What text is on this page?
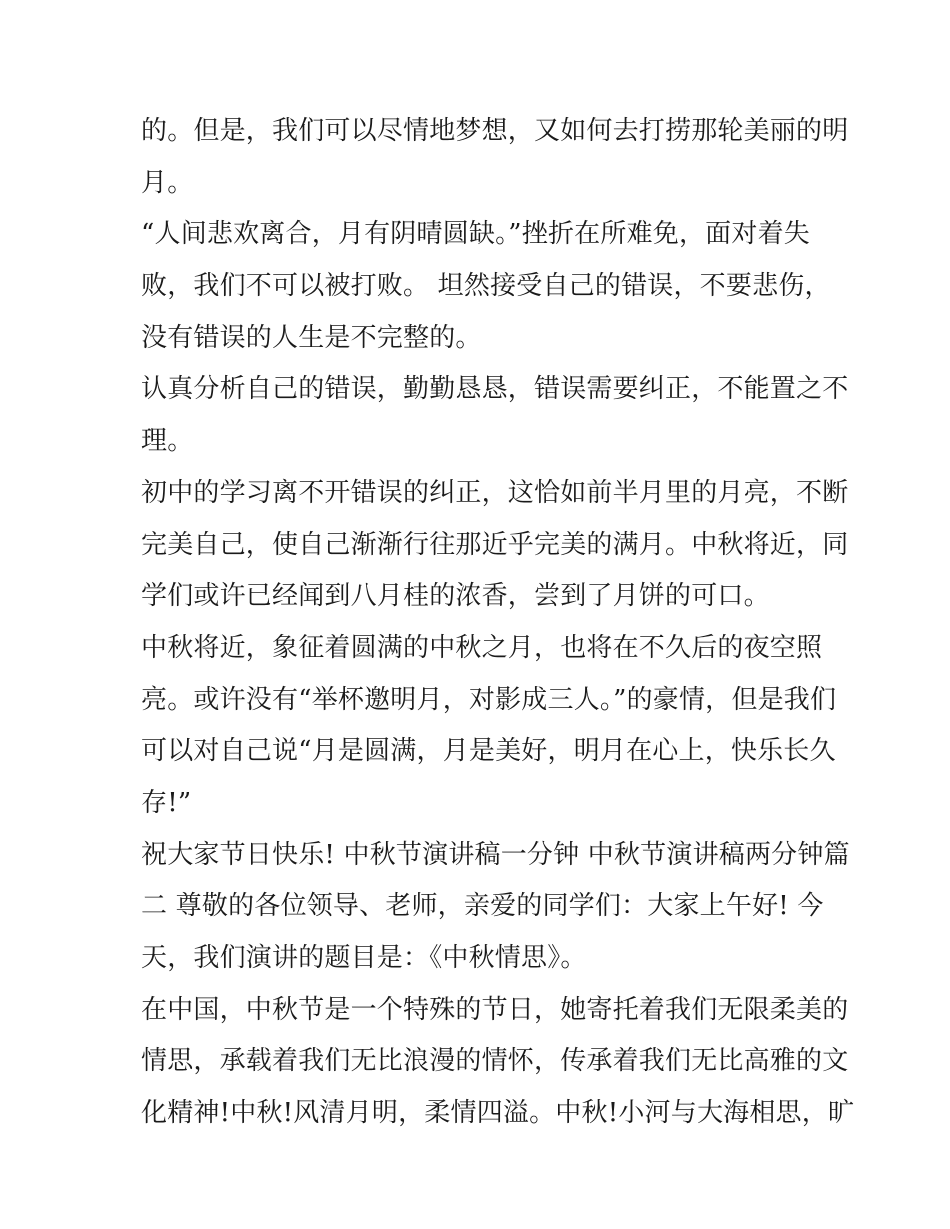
的。但是，我们可以尽情地梦想，又如何去打捞那轮美丽的明
月。
“人间悲欢离合，月有阴晴圆缺。”挫折在所难免，面对着失
败，我们不可以被打败。 坦然接受自己的错误，不要悲伤，
没有错误的人生是不完整的。
认真分析自己的错误，勤勤恳恳，错误需要纠正，不能置之不
理。
初中的学习离不开错误的纠正，这恰如前半月里的月亮，不断
完美自己，使自己渐渐行往那近乎完美的满月。中秋将近，同
学们或许已经闻到八月桂的浓香，尝到了月饼的可口。
中秋将近，象征着圆满的中秋之月，也将在不久后的夜空照
亮。或许没有“举杯邀明月，对影成三人。”的豪情，但是我们
可以对自己说“月是圆满，月是美好，明月在心上，快乐长久
存!”
祝大家节日快乐! 中秋节演讲稿一分钟 中秋节演讲稿两分钟篇
二 尊敬的各位领导、老师，亲爱的同学们：大家上午好! 今
天，我们演讲的题目是：《中秋情思》。
在中国，中秋节是一个特殊的节日，她寄托着我们无限柔美的
情思，承载着我们无比浪漫的情怀，传承着我们无比高雅的文
化精神!中秋!风清月明，柔情四溢。中秋!小河与大海相思，旷
